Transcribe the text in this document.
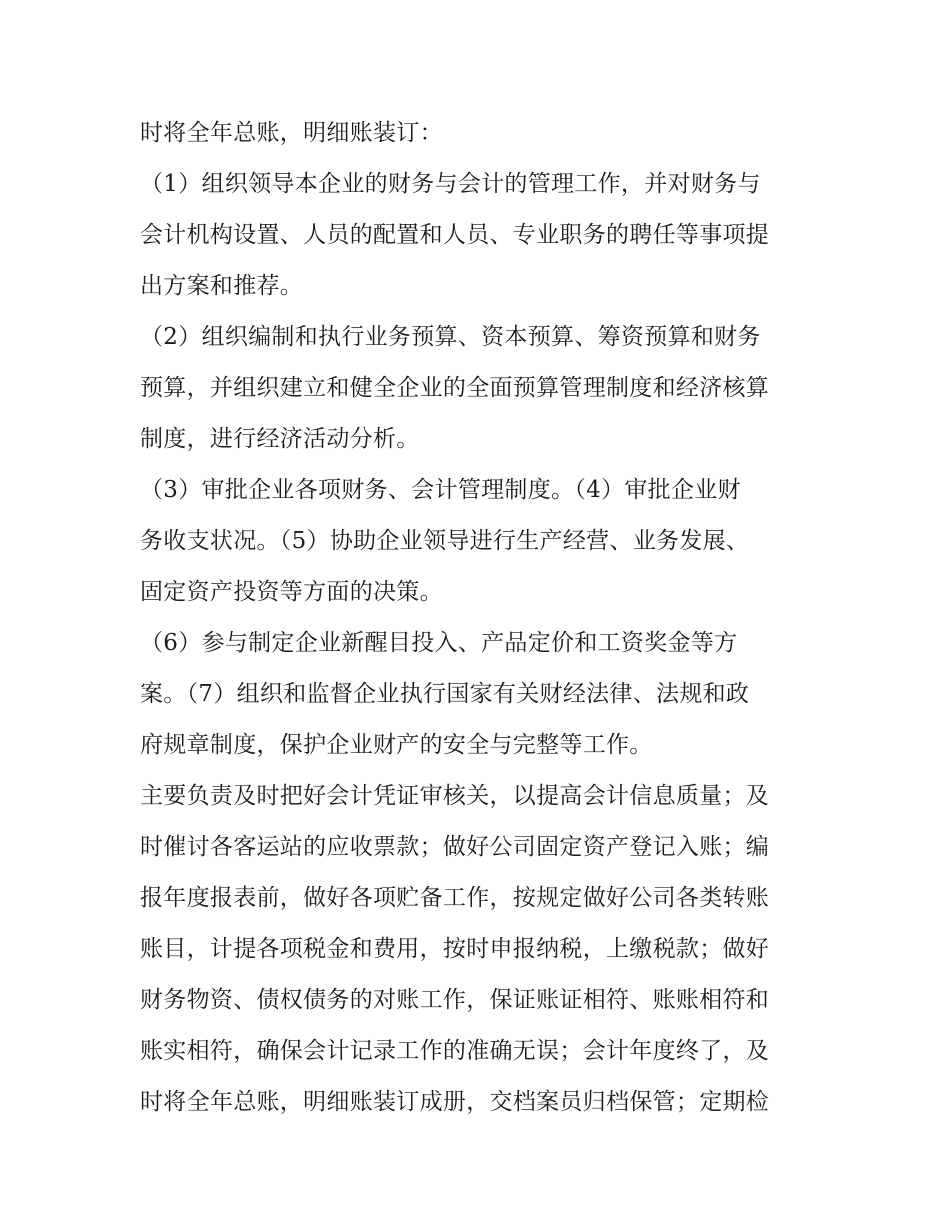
时将全年总账，明细账装订：
（1）组织领导本企业的财务与会计的管理工作，并对财务与
会计机构设置、人员的配置和人员、专业职务的聘任等事项提
出方案和推荐。
（2）组织编制和执行业务预算、资本预算、筹资预算和财务
预算，并组织建立和健全企业的全面预算管理制度和经济核算
制度，进行经济活动分析。
（3）审批企业各项财务、会计管理制度。（4）审批企业财
务收支状况。（5）协助企业领导进行生产经营、业务发展、
固定资产投资等方面的决策。
（6）参与制定企业新醒目投入、产品定价和工资奖金等方
案。（7）组织和监督企业执行国家有关财经法律、法规和政
府规章制度，保护企业财产的安全与完整等工作。
主要负责及时把好会计凭证审核关，以提高会计信息质量；及
时催讨各客运站的应收票款；做好公司固定资产登记入账；编
报年度报表前，做好各项贮备工作，按规定做好公司各类转账
账目，计提各项税金和费用，按时申报纳税，上缴税款；做好
财务物资、债权债务的对账工作，保证账证相符、账账相符和
账实相符，确保会计记录工作的准确无误；会计年度终了，及
时将全年总账，明细账装订成册，交档案员归档保管；定期检
